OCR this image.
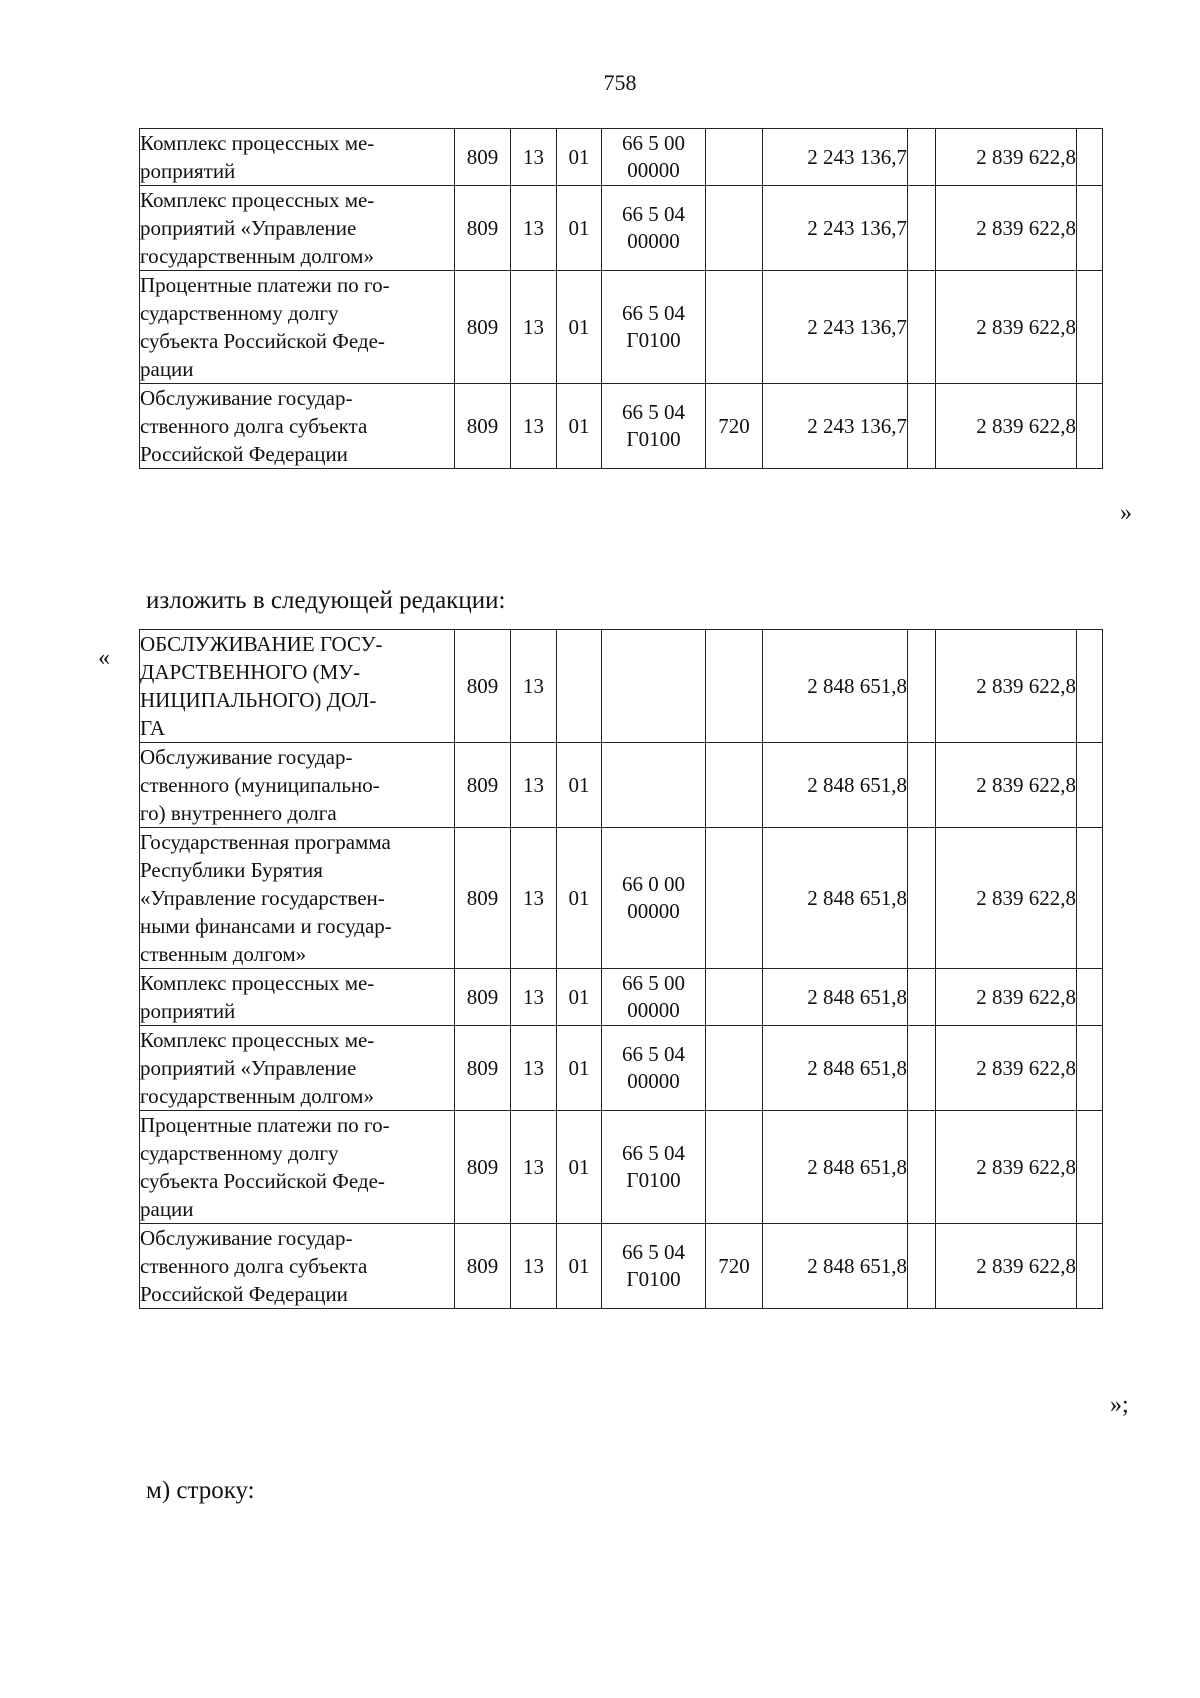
758
Комплекс процессных ме-
роприятий	809	13	01	66 5 00
00000		2 243 136,7		2 839 622,8	
Комплекс процессных ме-
роприятий «Управление
государственным долгом»	809	13	01	66 5 04
00000		2 243 136,7		2 839 622,8	
Процентные платежи по го-
сударственному долгу
субъекта Российской Феде-
рации	809	13	01	66 5 04
Г0100		2 243 136,7		2 839 622,8	
Обслуживание государ-
ственного долга субъекта
Российской Федерации	809	13	01	66 5 04
Г0100	720	2 243 136,7		2 839 622,8	
»
изложить в следующей редакции:
«
ОБСЛУЖИВАНИЕ ГОСУ-
ДАРСТВЕННОГО (МУ-
НИЦИПАЛЬНОГО) ДОЛ-
ГА	809	13				2 848 651,8		2 839 622,8	
Обслуживание государ-
ственного (муниципально-
го) внутреннего долга	809	13	01			2 848 651,8		2 839 622,8	
Государственная программа
Республики Бурятия
«Управление государствен-
ными финансами и государ-
ственным долгом»	809	13	01	66 0 00
00000		2 848 651,8		2 839 622,8	
Комплекс процессных ме-
роприятий	809	13	01	66 5 00
00000		2 848 651,8		2 839 622,8	
Комплекс процессных ме-
роприятий «Управление
государственным долгом»	809	13	01	66 5 04
00000		2 848 651,8		2 839 622,8	
Процентные платежи по го-
сударственному долгу
субъекта Российской Феде-
рации	809	13	01	66 5 04
Г0100		2 848 651,8		2 839 622,8	
Обслуживание государ-
ственного долга субъекта
Российской Федерации	809	13	01	66 5 04
Г0100	720	2 848 651,8		2 839 622,8	
»;
м) строку:
